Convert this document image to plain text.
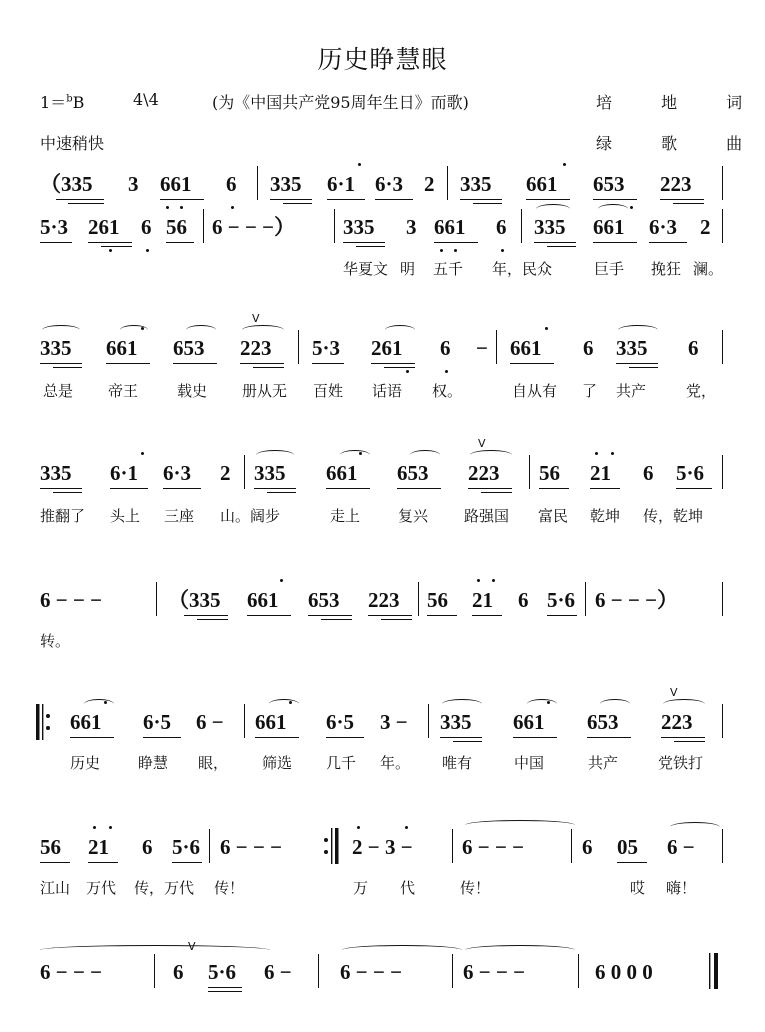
历史睁慧眼
1＝$^b$B	4\4	(为《中国共产党95周年生日》而歌)	培 地 词
中速稍快	绿 歌 曲
（335 3 661 6 335 6·1 6·3 2 335 661 653 223
5·3 261 6 56 6 − − −） 335 3 661 6 335 661 6·3 2
华夏文 明 五千 年，民众	巨手 挽狂 澜。
335 661 653 223 5·3 261 6 − 661 6 335 6
V
总是 帝王	载史 册从无 百姓 话语 权。	自从有 了 共产	党，
335 6·1 6·3 2 335 661 653 223 56 21 6 5·6
V
推翻了 头上 三座 山。阔步	走上	复兴 路强国 富民 乾坤 传，乾坤
6 − − −	（335 661 653 223 56 21 6 5·6 6 − − −）
转。
661 6·5 6 − 661 6·5 3 − 335 661 653 223
V
历史	睁慧 眼， 筛选 几千 年。 唯有	中国	共产	党铁打
56 21 6 5·6 6 − − −	2 − 3 − 6 − − −	6 05 6 −
江山 万代 传，万代 传！	万 代	传！	哎 嗨！
6 − − −	6 5·6 6 − 6 − − −	6 − − −	6 0 0 0
V
